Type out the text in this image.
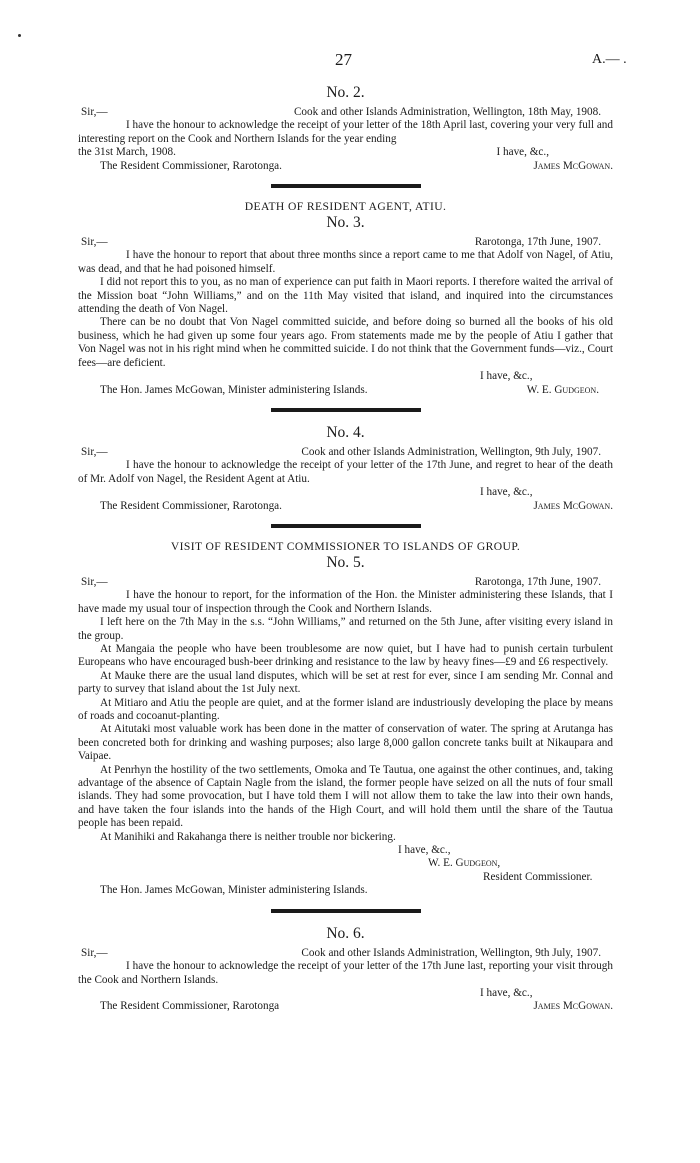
27	A.— .
No. 2.
Sir,—	Cook and other Islands Administration, Wellington, 18th May, 1908.
I have the honour to acknowledge the receipt of your letter of the 18th April last, covering your very full and interesting report on the Cook and Northern Islands for the year ending
the 31st March, 1908.	I have, &c.,
The Resident Commissioner, Rarotonga.	James McGowan.
DEATH OF RESIDENT AGENT, ATIU.
No. 3.
Sir,—	Rarotonga, 17th June, 1907.
I have the honour to report that about three months since a report came to me that Adolf von Nagel, of Atiu, was dead, and that he had poisoned himself.
I did not report this to you, as no man of experience can put faith in Maori reports. I therefore waited the arrival of the Mission boat “John Williams,” and on the 11th May visited that island, and inquired into the circumstances attending the death of Von Nagel.
There can be no doubt that Von Nagel committed suicide, and before doing so burned all the books of his old business, which he had given up some four years ago. From statements made me by the people of Atiu I gather that Von Nagel was not in his right mind when he committed suicide. I do not think that the Government funds—viz., Court fees—are deficient.
I have, &c.,
The Hon. James McGowan, Minister administering Islands.	W. E. Gudgeon.
No. 4.
Sir,—	Cook and other Islands Administration, Wellington, 9th July, 1907.
I have the honour to acknowledge the receipt of your letter of the 17th June, and regret to hear of the death of Mr. Adolf von Nagel, the Resident Agent at Atiu.
I have, &c.,
The Resident Commissioner, Rarotonga.	James McGowan.
VISIT OF RESIDENT COMMISSIONER TO ISLANDS OF GROUP.
No. 5.
Sir,—	Rarotonga, 17th June, 1907.
I have the honour to report, for the information of the Hon. the Minister administering these Islands, that I have made my usual tour of inspection through the Cook and Northern Islands.
I left here on the 7th May in the s.s. “John Williams,” and returned on the 5th June, after visiting every island in the group.
At Mangaia the people who have been troublesome are now quiet, but I have had to punish certain turbulent Europeans who have encouraged bush-beer drinking and resistance to the law by heavy fines—£9 and £6 respectively.
At Mauke there are the usual land disputes, which will be set at rest for ever, since I am sending Mr. Connal and party to survey that island about the 1st July next.
At Mitiaro and Atiu the people are quiet, and at the former island are industriously developing the place by means of roads and cocoanut-planting.
At Aitutaki most valuable work has been done in the matter of conservation of water. The spring at Arutanga has been concreted both for drinking and washing purposes; also large 8,000 gallon concrete tanks built at Nikaupara and Vaipae.
At Penrhyn the hostility of the two settlements, Omoka and Te Tautua, one against the other continues, and, taking advantage of the absence of Captain Nagle from the island, the former people have seized on all the nuts of four small islands. They had some provocation, but I have told them I will not allow them to take the law into their own hands, and have taken the four islands into the hands of the High Court, and will hold them until the share of the Tautua people has been repaid.
At Manihiki and Rakahanga there is neither trouble nor bickering.
I have, &c.,
W. E. Gudgeon,
Resident Commissioner.
The Hon. James McGowan, Minister administering Islands.
No. 6.
Sir,—	Cook and other Islands Administration, Wellington, 9th July, 1907.
I have the honour to acknowledge the receipt of your letter of the 17th June last, reporting your visit through the Cook and Northern Islands.
I have, &c.,
The Resident Commissioner, Rarotonga	James McGowan.
